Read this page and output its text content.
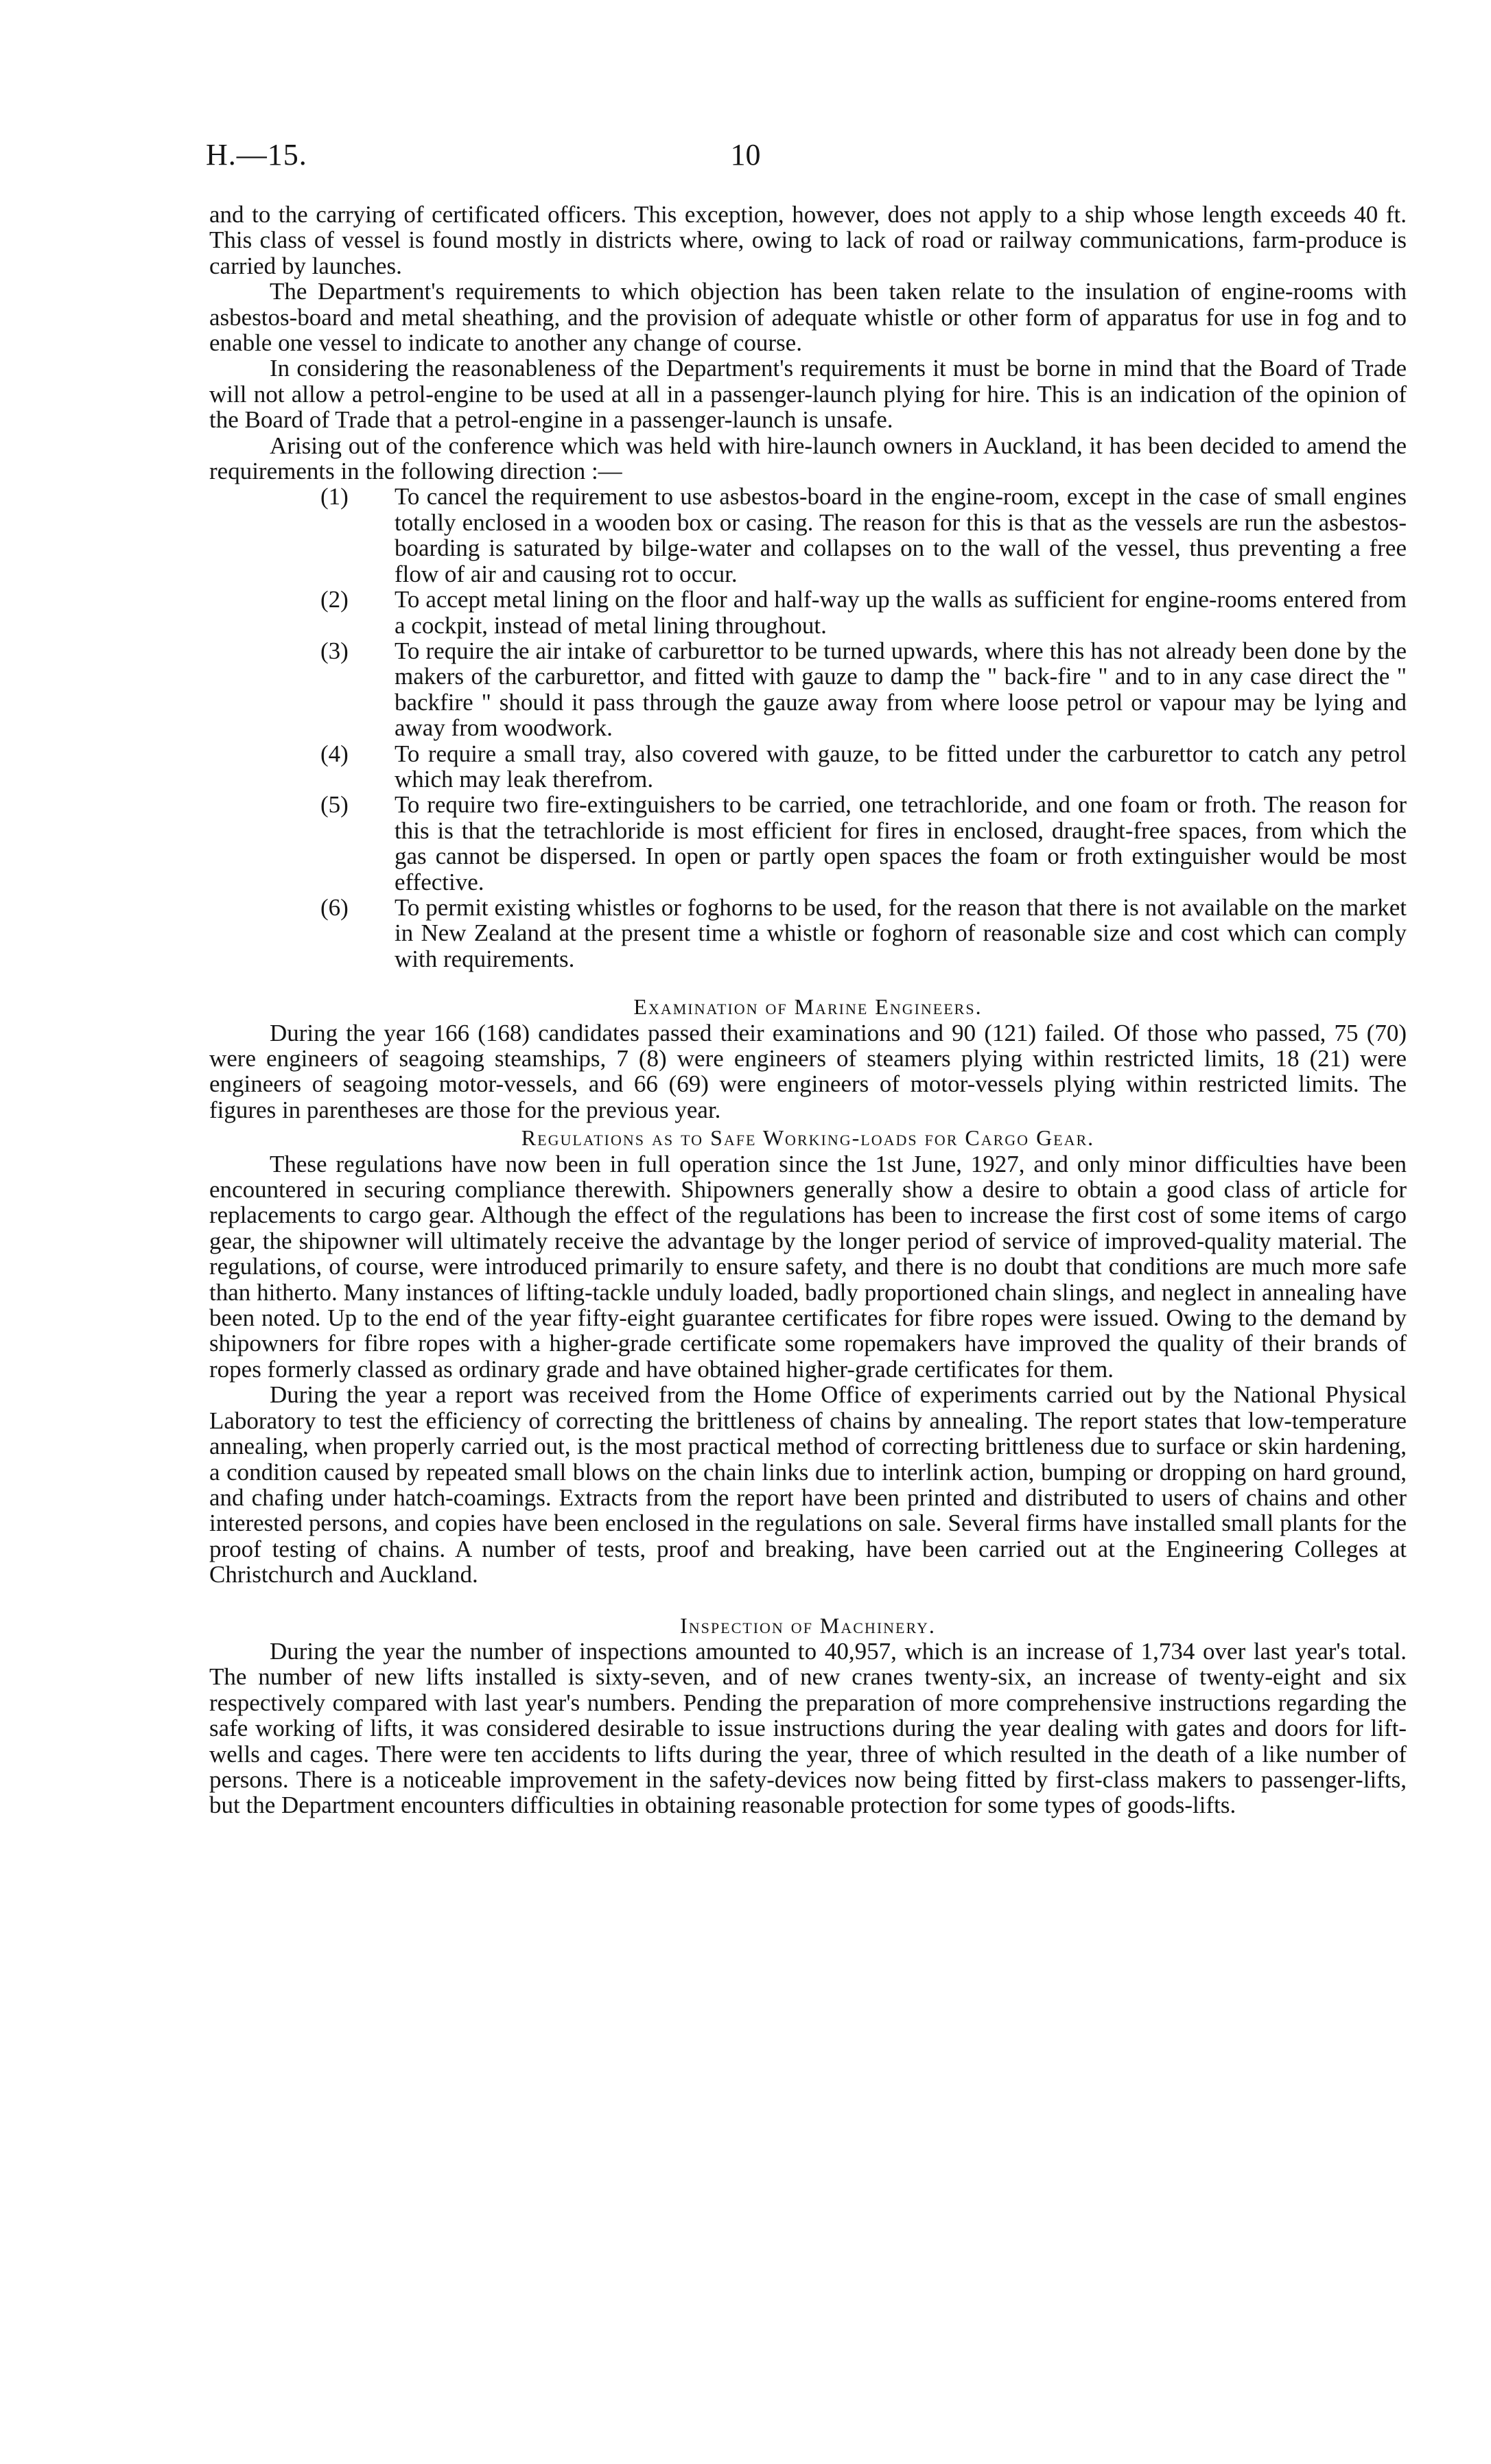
H.—15.	10

and to the carrying of certificated officers. This exception, however, does not apply to a ship whose length exceeds 40 ft. This class of vessel is found mostly in districts where, owing to lack of road or railway communications, farm-produce is carried by launches.

The Department's requirements to which objection has been taken relate to the insulation of engine-rooms with asbestos-board and metal sheathing, and the provision of adequate whistle or other form of apparatus for use in fog and to enable one vessel to indicate to another any change of course.

In considering the reasonableness of the Department's requirements it must be borne in mind that the Board of Trade will not allow a petrol-engine to be used at all in a passenger-launch plying for hire. This is an indication of the opinion of the Board of Trade that a petrol-engine in a passenger-launch is unsafe.

Arising out of the conference which was held with hire-launch owners in Auckland, it has been decided to amend the requirements in the following direction :—

(1) To cancel the requirement to use asbestos-board in the engine-room, except in the case of small engines totally enclosed in a wooden box or casing. The reason for this is that as the vessels are run the asbestos-boarding is saturated by bilge-water and collapses on to the wall of the vessel, thus preventing a free flow of air and causing rot to occur.
(2) To accept metal lining on the floor and half-way up the walls as sufficient for engine-rooms entered from a cockpit, instead of metal lining throughout.
(3) To require the air intake of carburettor to be turned upwards, where this has not already been done by the makers of the carburettor, and fitted with gauze to damp the " back-fire " and to in any case direct the " backfire " should it pass through the gauze away from where loose petrol or vapour may be lying and away from woodwork.
(4) To require a small tray, also covered with gauze, to be fitted under the carburettor to catch any petrol which may leak therefrom.
(5) To require two fire-extinguishers to be carried, one tetrachloride, and one foam or froth. The reason for this is that the tetrachloride is most efficient for fires in enclosed, draught-free spaces, from which the gas cannot be dispersed. In open or partly open spaces the foam or froth extinguisher would be most effective.
(6) To permit existing whistles or foghorns to be used, for the reason that there is not available on the market in New Zealand at the present time a whistle or foghorn of reasonable size and cost which can comply with requirements.
Examination of Marine Engineers.

During the year 166 (168) candidates passed their examinations and 90 (121) failed. Of those who passed, 75 (70) were engineers of seagoing steamships, 7 (8) were engineers of steamers plying within restricted limits, 18 (21) were engineers of seagoing motor-vessels, and 66 (69) were engineers of motor-vessels plying within restricted limits. The figures in parentheses are those for the previous year.

Regulations as to Safe Working-loads for Cargo Gear.

These regulations have now been in full operation since the 1st June, 1927, and only minor difficulties have been encountered in securing compliance therewith. Shipowners generally show a desire to obtain a good class of article for replacements to cargo gear. Although the effect of the regulations has been to increase the first cost of some items of cargo gear, the shipowner will ultimately receive the advantage by the longer period of service of improved-quality material. The regulations, of course, were introduced primarily to ensure safety, and there is no doubt that conditions are much more safe than hitherto. Many instances of lifting-tackle unduly loaded, badly proportioned chain slings, and neglect in annealing have been noted. Up to the end of the year fifty-eight guarantee certificates for fibre ropes were issued. Owing to the demand by shipowners for fibre ropes with a higher-grade certificate some ropemakers have improved the quality of their brands of ropes formerly classed as ordinary grade and have obtained higher-grade certificates for them.

During the year a report was received from the Home Office of experiments carried out by the National Physical Laboratory to test the efficiency of correcting the brittleness of chains by annealing. The report states that low-temperature annealing, when properly carried out, is the most practical method of correcting brittleness due to surface or skin hardening, a condition caused by repeated small blows on the chain links due to interlink action, bumping or dropping on hard ground, and chafing under hatch-coamings. Extracts from the report have been printed and distributed to users of chains and other interested persons, and copies have been enclosed in the regulations on sale. Several firms have installed small plants for the proof testing of chains. A number of tests, proof and breaking, have been carried out at the Engineering Colleges at Christchurch and Auckland.

Inspection of Machinery.

During the year the number of inspections amounted to 40,957, which is an increase of 1,734 over last year's total. The number of new lifts installed is sixty-seven, and of new cranes twenty-six, an increase of twenty-eight and six respectively compared with last year's numbers. Pending the preparation of more comprehensive instructions regarding the safe working of lifts, it was considered desirable to issue instructions during the year dealing with gates and doors for lift-wells and cages. There were ten accidents to lifts during the year, three of which resulted in the death of a like number of persons. There is a noticeable improvement in the safety-devices now being fitted by first-class makers to passenger-lifts, but the Department encounters difficulties in obtaining reasonable protection for some types of goods-lifts.
